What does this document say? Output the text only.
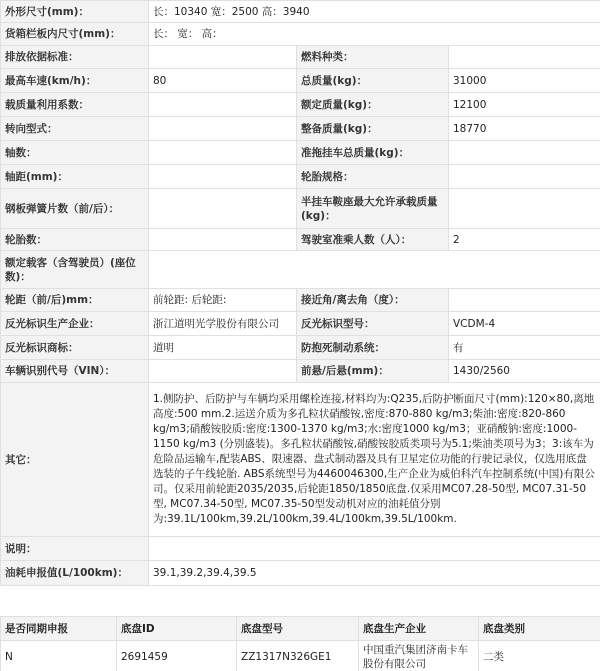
外形尺寸(mm)：	长：10340 宽：2500 高：3940		
货箱栏板内尺寸(mm)：	长： 宽： 高：		
排放依据标准：		燃料种类：	
最高车速(km/h)：	80	总质量(kg)：	31000
载质量利用系数：		额定质量(kg)：	12100
转向型式：		整备质量(kg)：	18770
轴数：		准拖挂车总质量(kg)：	
轴距(mm)：		轮胎规格：	
钢板弹簧片数（前/后）：		半挂车鞍座最大允许承载质量(kg)：	
轮胎数：		驾驶室准乘人数（人）：	2
额定载客（含驾驶员）(座位数)：			
轮距（前/后)mm：	前轮距: 后轮距:	接近角/离去角（度）：	
反光标识生产企业：	浙江道明光学股份有限公司	反光标识型号：	VCDM-4
反光标识商标：	道明	防抱死制动系统：	有
车辆识别代号（VIN）：		前悬/后悬(mm)：	1430/2560
其它：	1.侧防护、后防护与车辆均采用螺栓连接,材料均为:Q235,后防护断面尺寸(mm):120×80,离地高度:500 mm.2.运送介质为多孔粒状硝酸铵,密度:870-880 kg/m3;柴油:密度:820-860 kg/m3;硝酸铵胶质:密度:1300-1370 kg/m3;水:密度1000 kg/m3；亚硝酸钠:密度:1000-1150 kg/m3 (分别盛装)。多孔粒状硝酸铵,硝酸铵胶质类项号为5.1;柴油类项号为3；3:该车为危险品运输车,配装ABS、限速器、盘式制动器及具有卫星定位功能的行驶记录仪，仅选用底盘选装的子午线轮胎. ABS系统型号为4460046300,生产企业为威伯科汽车控制系统(中国)有限公司。仅采用前轮距2035/2035,后轮距1850/1850底盘.仅采用MC07.28-50型, MC07.31-50型, MC07.34-50型, MC07.35-50型发动机对应的油耗值分别为:39.1L/100km,39.2L/100km,39.4L/100km,39.5L/100km.		
说明：			
油耗申报值(L/100km)：	39.1,39.2,39.4,39.5		
是否同期申报	底盘ID	底盘型号	底盘生产企业	底盘类别
N	2691459	ZZ1317N326GE1	中国重汽集团济南卡车股份有限公司	二类
